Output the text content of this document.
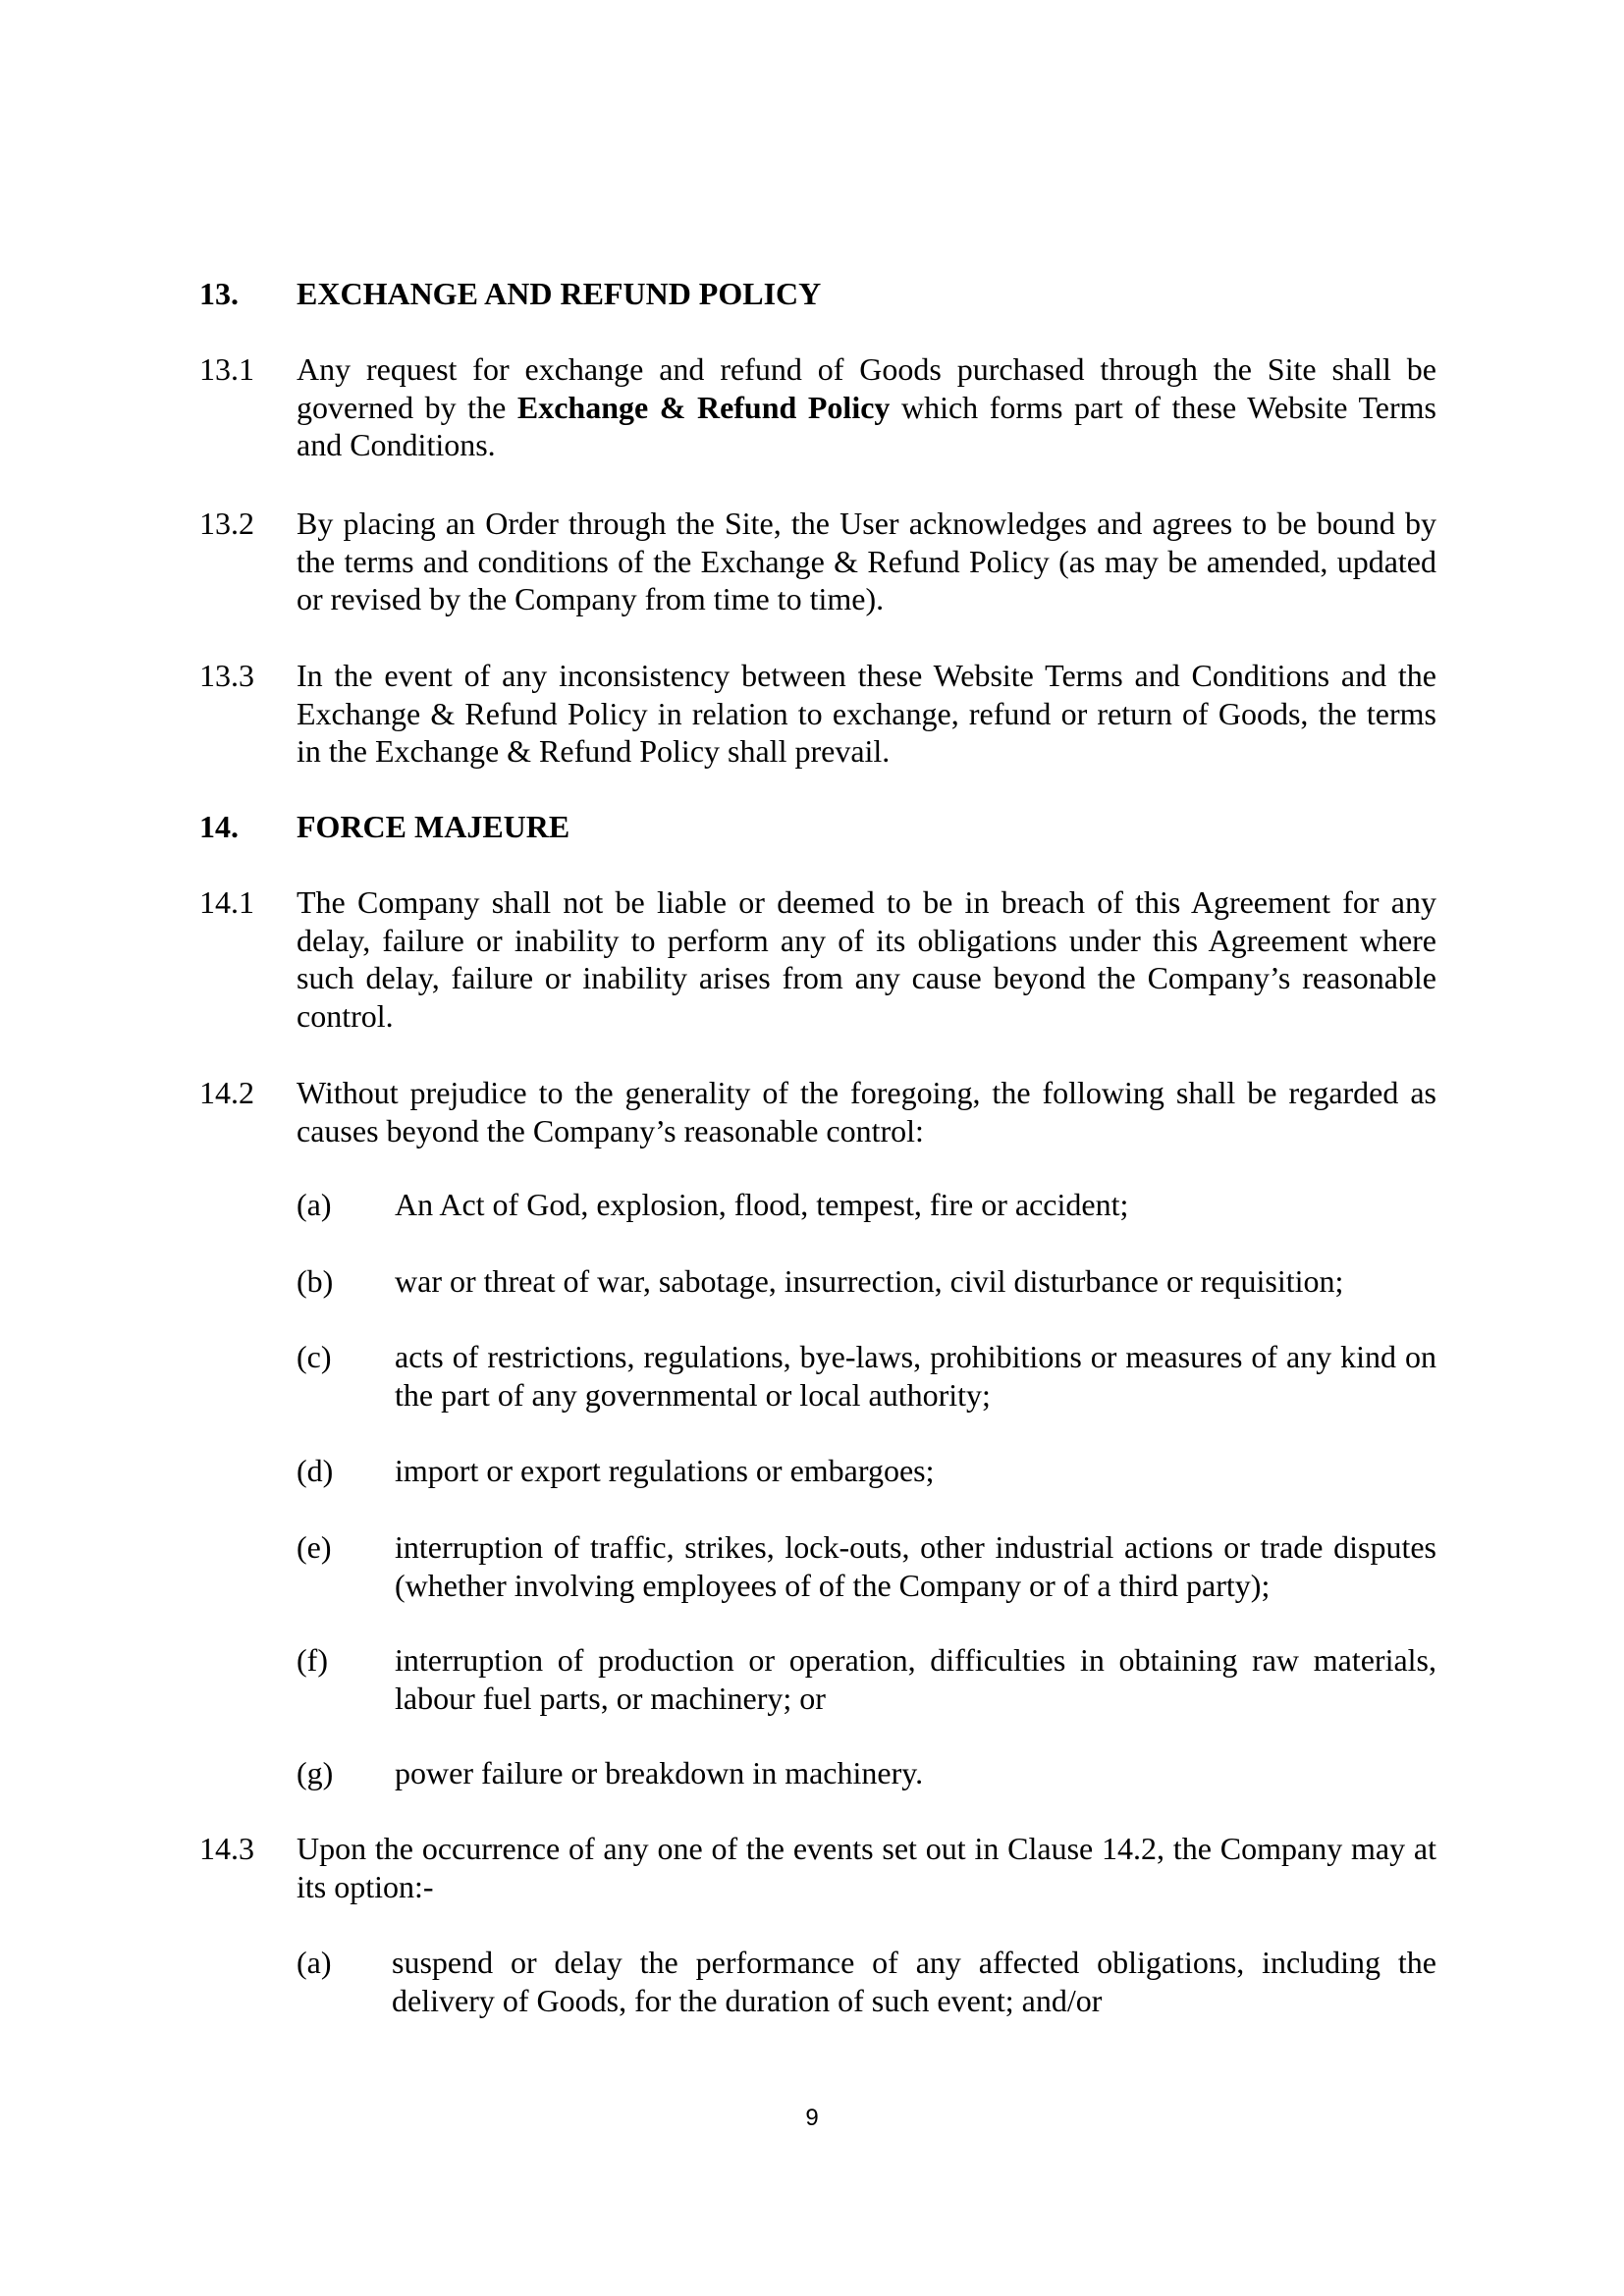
13. EXCHANGE AND REFUND POLICY
13.1 Any request for exchange and refund of Goods purchased through the Site shall be governed by the Exchange & Refund Policy which forms part of these Website Terms and Conditions.
13.2 By placing an Order through the Site, the User acknowledges and agrees to be bound by the terms and conditions of the Exchange & Refund Policy (as may be amended, updated or revised by the Company from time to time).
13.3 In the event of any inconsistency between these Website Terms and Conditions and the Exchange & Refund Policy in relation to exchange, refund or return of Goods, the terms in the Exchange & Refund Policy shall prevail.
14. FORCE MAJEURE
14.1 The Company shall not be liable or deemed to be in breach of this Agreement for any delay, failure or inability to perform any of its obligations under this Agreement where such delay, failure or inability arises from any cause beyond the Company’s reasonable control.
14.2 Without prejudice to the generality of the foregoing, the following shall be regarded as causes beyond the Company’s reasonable control:
(a) An Act of God, explosion, flood, tempest, fire or accident;
(b) war or threat of war, sabotage, insurrection, civil disturbance or requisition;
(c) acts of restrictions, regulations, bye-laws, prohibitions or measures of any kind on the part of any governmental or local authority;
(d) import or export regulations or embargoes;
(e) interruption of traffic, strikes, lock-outs, other industrial actions or trade disputes (whether involving employees of of the Company or of a third party);
(f) interruption of production or operation, difficulties in obtaining raw materials, labour fuel parts, or machinery; or
(g) power failure or breakdown in machinery.
14.3 Upon the occurrence of any one of the events set out in Clause 14.2, the Company may at its option:-
(a) suspend or delay the performance of any affected obligations, including the delivery of Goods, for the duration of such event; and/or
9
